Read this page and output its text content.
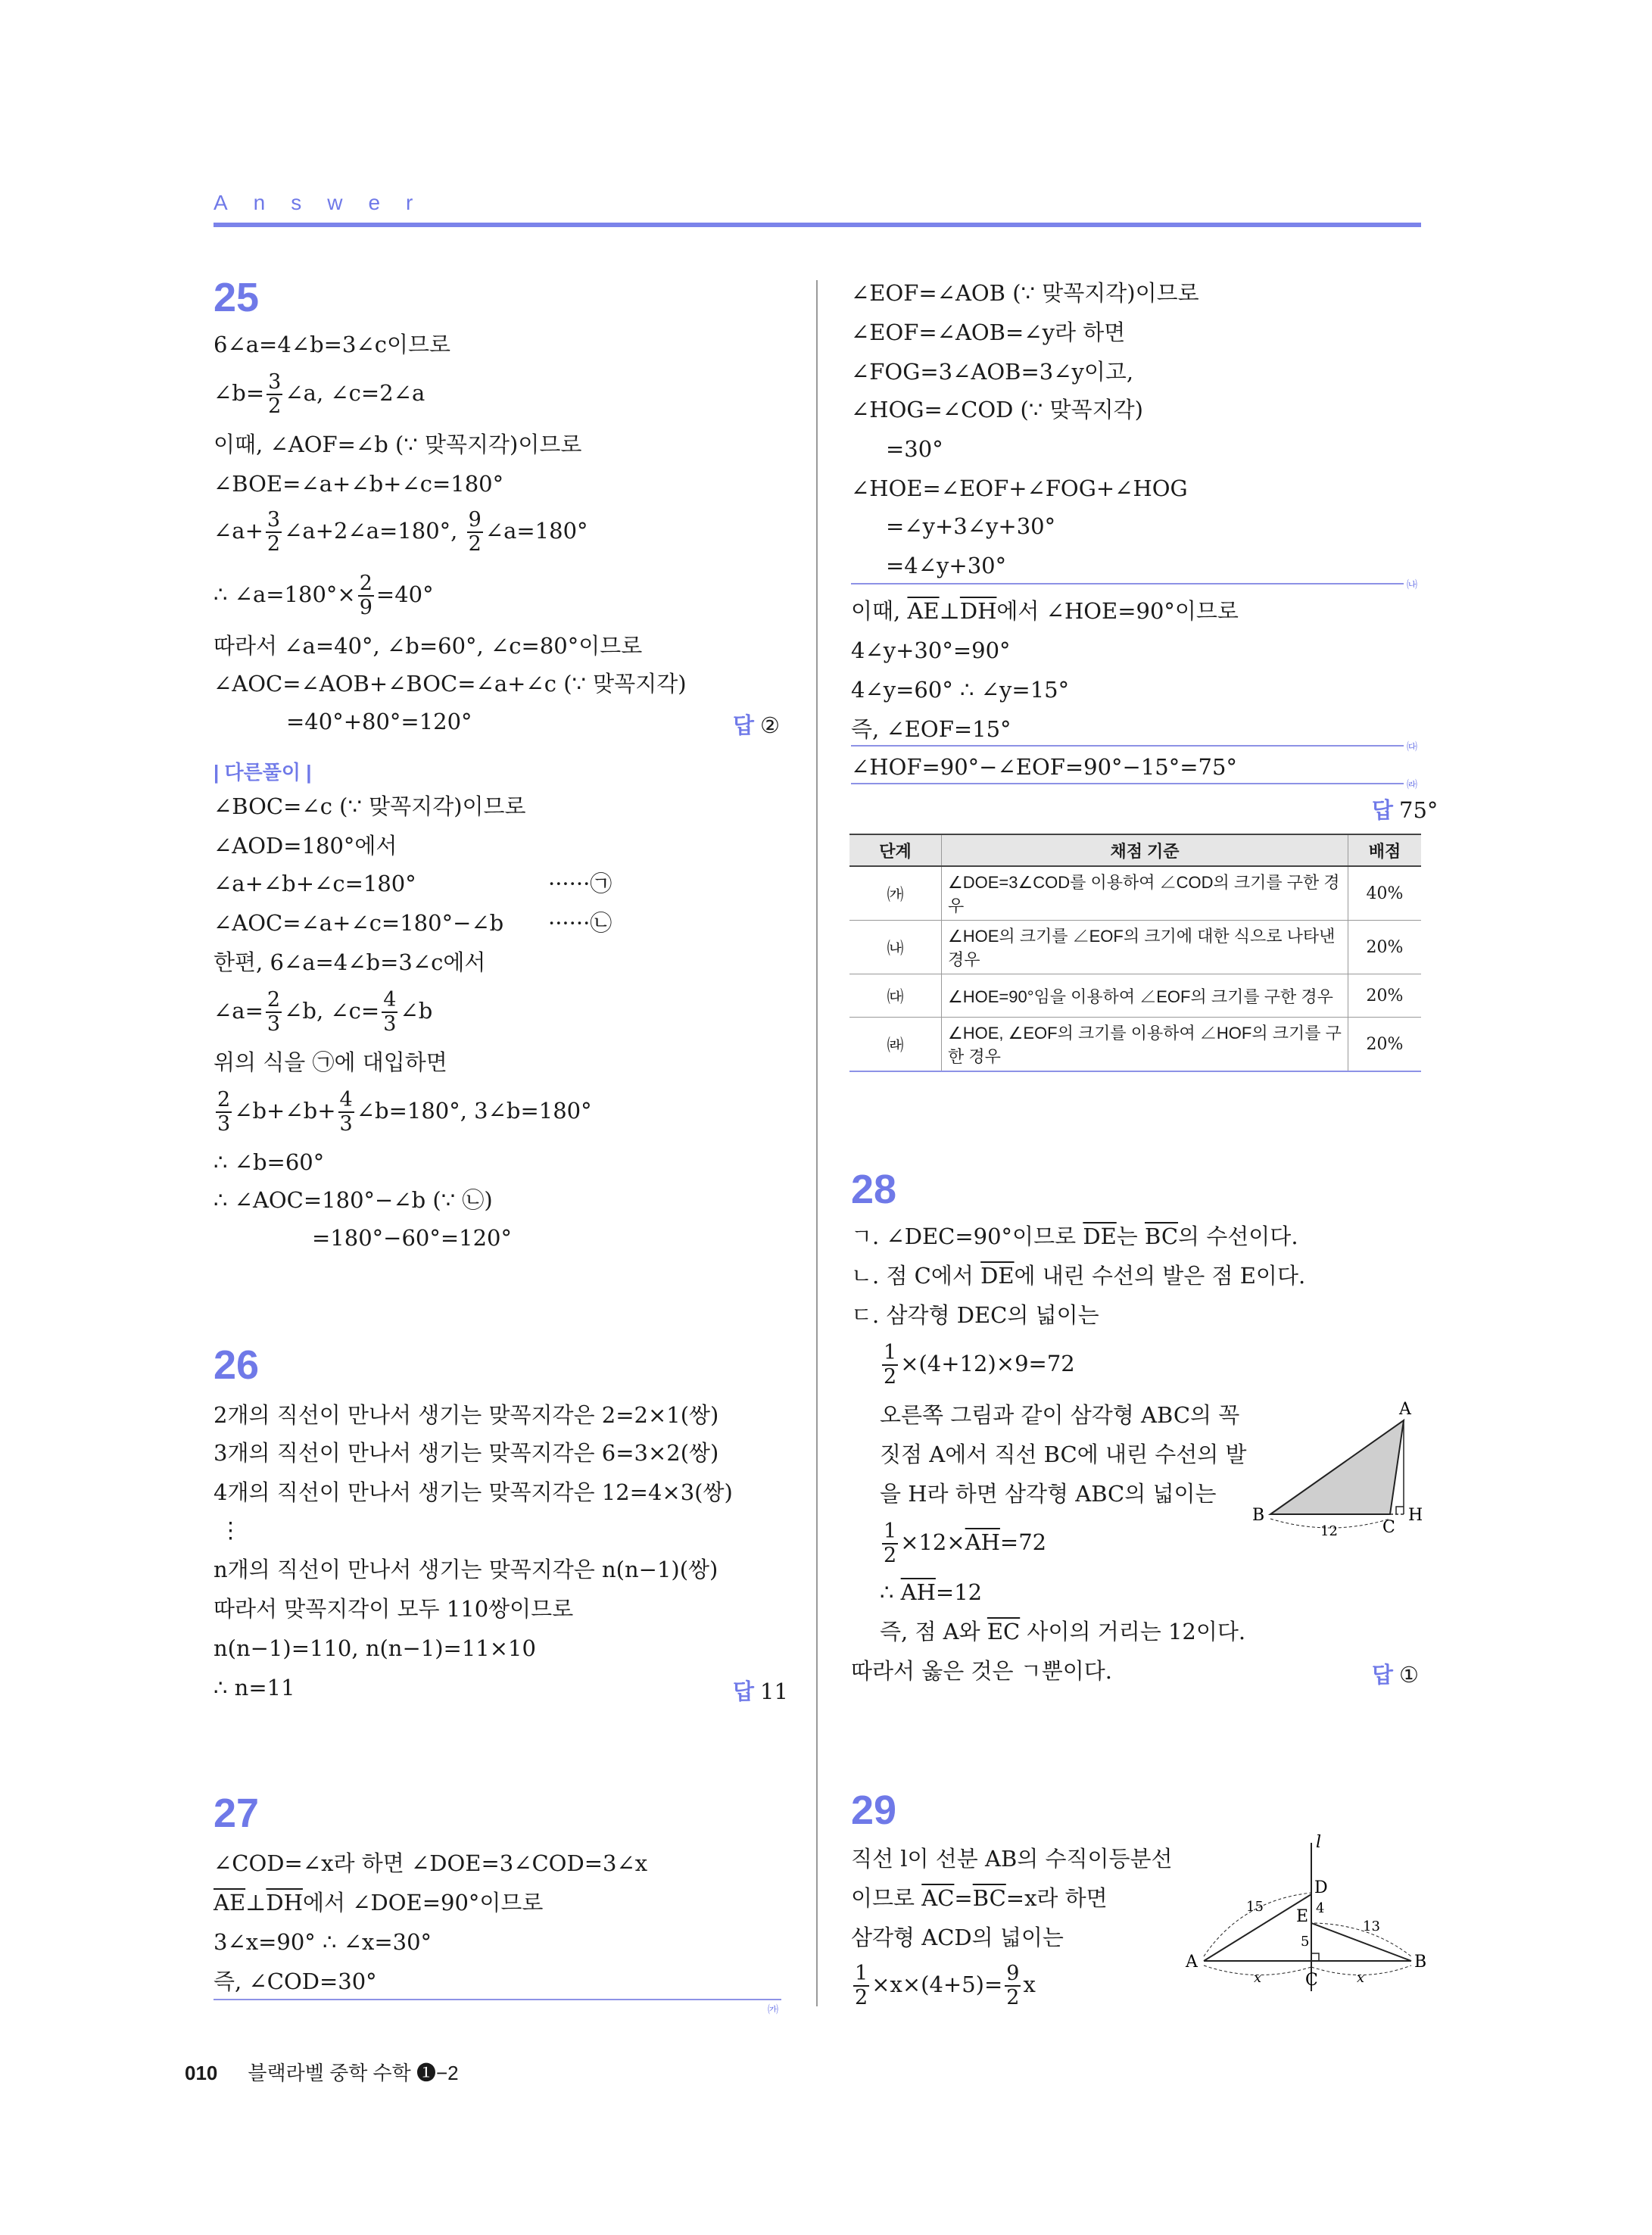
Answer
25
6∠a=4∠b=3∠c이므로
∠b= $\frac{3}{2}$ ∠a, ∠c=2∠a
이때, ∠AOF=∠b (∵ 맞꼭지각)이므로
∠BOE=∠a+∠b+∠c=180°
∠a+ $\frac{3}{2}$ ∠a+2∠a=180°, $\frac{9}{2}$ ∠a=180°
∴ ∠a=180°× $\frac{2}{9} =40^\circ$
따라서 ∠a=40°, ∠b=60°, ∠c=80°이므로
∠AOC=∠AOB+∠BOC=∠a+∠c (∵ 맞꼭지각)
=40°+80°=120°	답 ②
| 다른풀이 |
∠BOC=∠c (∵ 맞꼭지각)이므로
∠AOD=180°에서
∠a+∠b+∠c=180°	······㉠
∠AOC=∠a+∠c=180°−∠b ······㉡
한편, 6∠a=4∠b=3∠c에서
∠a= $\frac{2}{3}$ ∠b, ∠c= $\frac{4}{3}$ ∠b
위의 식을 ㉠에 대입하면
$\frac{2}{3}$ ∠b+∠b+ $\frac{4}{3}$ ∠b=180°, 3∠b=180°
∴ ∠b=60°
∴ ∠AOC=180°−∠b (∵ ㉡)
=180°−60°=120°
26
2개의 직선이 만나서 생기는 맞꼭지각은 2=2×1(쌍)
3개의 직선이 만나서 생기는 맞꼭지각은 6=3×2(쌍)
4개의 직선이 만나서 생기는 맞꼭지각은 12=4×3(쌍)
⋮
n개의 직선이 만나서 생기는 맞꼭지각은 n(n−1)(쌍)
따라서 맞꼭지각이 모두 110쌍이므로
n(n−1)=110, n(n−1)=11×10
∴ n=11	답 11
27
∠COD=∠x라 하면 ∠DOE=3∠COD=3∠x
$\overline{AE}\perp\overline{DH}$에서 ∠DOE=90°이므로
3∠x=90° ∴ ∠x=30°
즉, ∠COD=30°
㈎
∠EOF=∠AOB (∵ 맞꼭지각)이므로
∠EOF=∠AOB=∠y라 하면
∠FOG=3∠AOB=3∠y이고,
∠HOG=∠COD (∵ 맞꼭지각)
=30°
∠HOE=∠EOF+∠FOG+∠HOG
=∠y+3∠y+30°
=4∠y+30°
㈏
이때, $\overline{AE}\perp\overline{DH}$에서 ∠HOE=90°이므로
4∠y+30°=90°
4∠y=60° ∴ ∠y=15°
즉, ∠EOF=15°
㈐
∠HOF=90°−∠EOF=90°−15°=75°
㈑
답 75°
단계	채점 기준	배점
㈎	∠DOE=3∠COD를 이용하여 ∠COD의 크기를 구한 경우	40%
㈏	∠HOE의 크기를 ∠EOF의 크기에 대한 식으로 나타낸 경우	20%
㈐	∠HOE=90°임을 이용하여 ∠EOF의 크기를 구한 경우	20%
㈑	∠HOE, ∠EOF의 크기를 이용하여 ∠HOF의 크기를 구한 경우	20%
28
ㄱ. ∠DEC=90°이므로 $\overline{DE}$는 $\overline{BC}$의 수선이다.
ㄴ. 점 C에서 $\overline{DE}$에 내린 수선의 발은 점 E이다.
ㄷ. 삼각형 DEC의 넓이는
$\frac{1}{2} \times(4+12)\times 9=72$
오른쪽 그림과 같이 삼각형 ABC의 꼭
짓점 A에서 직선 BC에 내린 수선의 발
을 H라 하면 삼각형 ABC의 넓이는
$\frac{1}{2} \times 12\times\overline{AH}=72$
∴ $\overline{AH}=12$
즉, 점 A와 $\overline{EC}$ 사이의 거리는 12이다.
따라서 옳은 것은 ㄱ뿐이다.	답 ①
A
B
C
H
12
29
직선 l이 선분 AB의 수직이등분선
이므로 $\overline{AC}=\overline{BC}=x$라 하면
삼각형 ACD의 넓이는
$\frac{1}{2} \times x\times(4+5)= \frac{9}{2}$ x
l
D
E
A	B
C
15	4
5
13
x	x
010 블랙라벨 중학 수학 ❶−2
